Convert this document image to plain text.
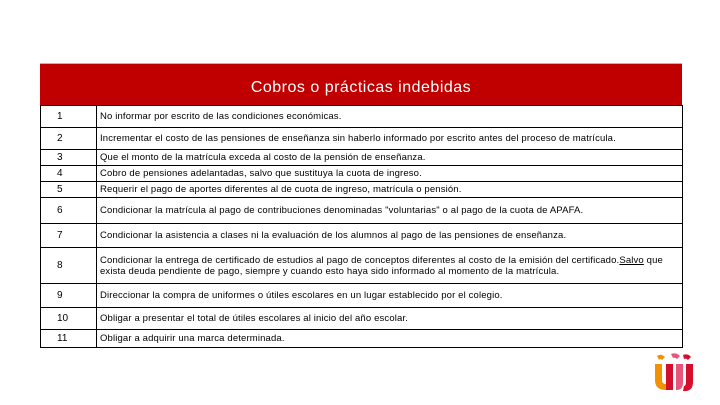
Cobros o prácticas indebidas
1	No informar por escrito de las condiciones económicas.
2	Incrementar el costo de las pensiones de enseñanza sin haberlo informado por escrito antes del proceso de matrícula.
3	Que el monto de la matrícula exceda al costo de la pensión de enseñanza.
4	Cobro de pensiones adelantadas, salvo que sustituya la cuota de ingreso.
5	Requerir el pago de aportes diferentes al de cuota de ingreso, matrícula o pensión.
6	Condicionar la matrícula al pago de contribuciones denominadas "voluntarias" o al pago de la cuota de APAFA.
7	Condicionar la asistencia a clases ni la evaluación de los alumnos al pago de las pensiones de enseñanza.
8	Condicionar la entrega de certificado de estudios al pago de conceptos diferentes al costo de la emisión del certificado.Salvo que exista deuda pendiente de pago, siempre y cuando esto haya sido informado al momento de la matrícula.
9	Direccionar la compra de uniformes o útiles escolares en un lugar establecido por el colegio.
10	Obligar a presentar el total de útiles escolares al inicio del año escolar.
11	Obligar a adquirir una marca determinada.
